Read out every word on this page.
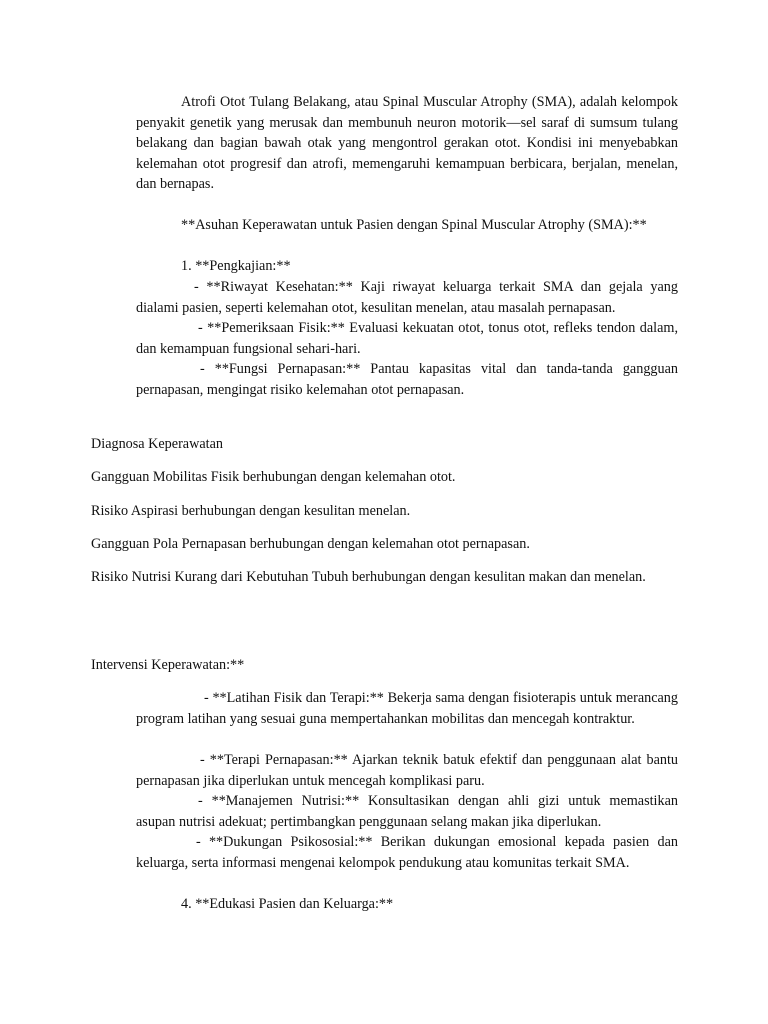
Atrofi Otot Tulang Belakang, atau Spinal Muscular Atrophy (SMA), adalah kelompok penyakit genetik yang merusak dan membunuh neuron motorik—sel saraf di sumsum tulang belakang dan bagian bawah otak yang mengontrol gerakan otot. Kondisi ini menyebabkan kelemahan otot progresif dan atrofi, memengaruhi kemampuan berbicara, berjalan, menelan, dan bernapas.

**Asuhan Keperawatan untuk Pasien dengan Spinal Muscular Atrophy (SMA):**

1. **Pengkajian:**

- **Riwayat Kesehatan:** Kaji riwayat keluarga terkait SMA dan gejala yang dialami pasien, seperti kelemahan otot, kesulitan menelan, atau masalah pernapasan.

- **Pemeriksaan Fisik:** Evaluasi kekuatan otot, tonus otot, refleks tendon dalam, dan kemampuan fungsional sehari-hari.

- **Fungsi Pernapasan:** Pantau kapasitas vital dan tanda-tanda gangguan pernapasan, mengingat risiko kelemahan otot pernapasan.

Diagnosa Keperawatan

Gangguan Mobilitas Fisik berhubungan dengan kelemahan otot.

Risiko Aspirasi berhubungan dengan kesulitan menelan.

Gangguan Pola Pernapasan berhubungan dengan kelemahan otot pernapasan.

Risiko Nutrisi Kurang dari Kebutuhan Tubuh berhubungan dengan kesulitan makan dan menelan.

Intervensi Keperawatan:**

- **Latihan Fisik dan Terapi:** Bekerja sama dengan fisioterapis untuk merancang program latihan yang sesuai guna mempertahankan mobilitas dan mencegah kontraktur.

- **Terapi Pernapasan:** Ajarkan teknik batuk efektif dan penggunaan alat bantu pernapasan jika diperlukan untuk mencegah komplikasi paru.

- **Manajemen Nutrisi:** Konsultasikan dengan ahli gizi untuk memastikan asupan nutrisi adekuat; pertimbangkan penggunaan selang makan jika diperlukan.

- **Dukungan Psikososial:** Berikan dukungan emosional kepada pasien dan keluarga, serta informasi mengenai kelompok pendukung atau komunitas terkait SMA.

4. **Edukasi Pasien dan Keluarga:**
